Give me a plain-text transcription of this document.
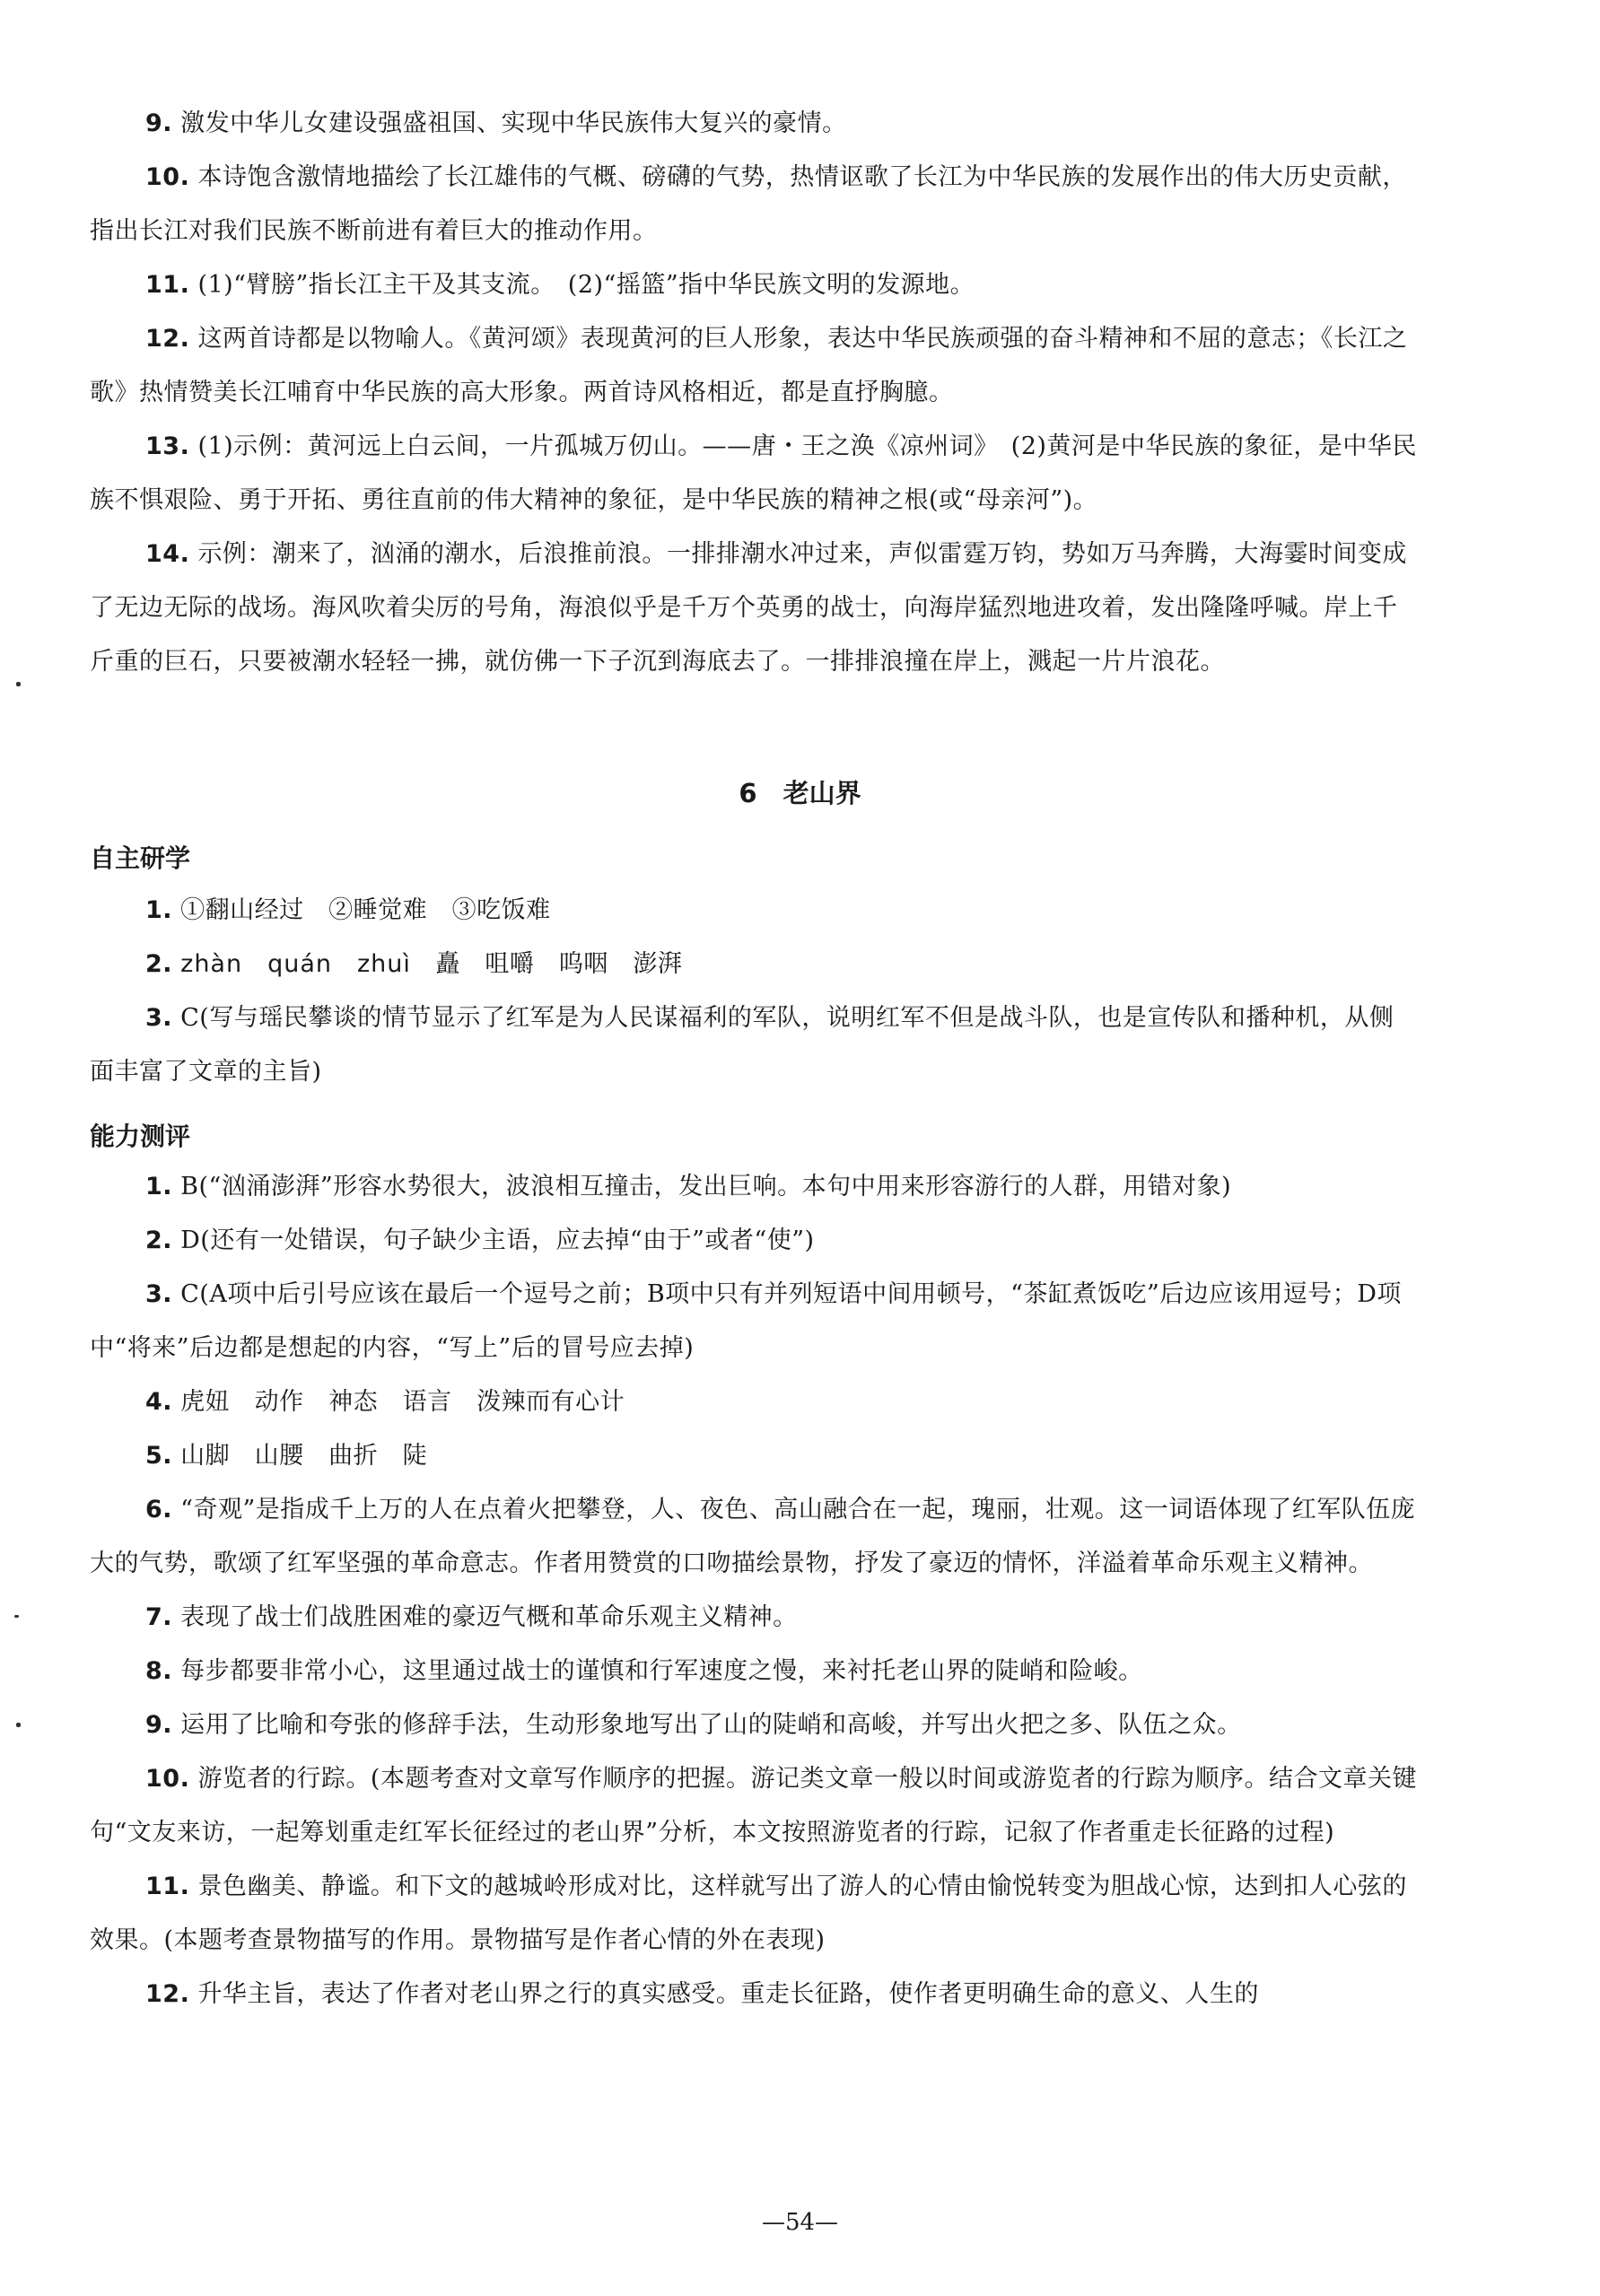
9. 激发中华儿女建设强盛祖国、实现中华民族伟大复兴的豪情。

10. 本诗饱含激情地描绘了长江雄伟的气概、磅礴的气势，热情讴歌了长江为中华民族的发展作出的伟大历史贡献，指出长江对我们民族不断前进有着巨大的推动作用。

11. (1)“臂膀”指长江主干及其支流。　(2)“摇篮”指中华民族文明的发源地。

12. 这两首诗都是以物喻人。《黄河颂》表现黄河的巨人形象，表达中华民族顽强的奋斗精神和不屈的意志；《长江之歌》热情赞美长江哺育中华民族的高大形象。两首诗风格相近，都是直抒胸臆。

13. (1)示例：黄河远上白云间，一片孤城万仞山。——唐・王之涣《凉州词》　(2)黄河是中华民族的象征，是中华民族不惧艰险、勇于开拓、勇往直前的伟大精神的象征，是中华民族的精神之根(或“母亲河”)。

14. 示例：潮来了，汹涌的潮水，后浪推前浪。一排排潮水冲过来，声似雷霆万钧，势如万马奔腾，大海霎时间变成了无边无际的战场。海风吹着尖厉的号角，海浪似乎是千万个英勇的战士，向海岸猛烈地进攻着，发出隆隆呼喊。岸上千斤重的巨石，只要被潮水轻轻一拂，就仿佛一下子沉到海底去了。一排排浪撞在岸上，溅起一片片浪花。

6　老山界
自主研学

1. ①翻山经过　②睡觉难　③吃饭难

2. zhàn　quán　zhuì　矗　咀嚼　呜咽　澎湃

3. C(写与瑶民攀谈的情节显示了红军是为人民谋福利的军队，说明红军不但是战斗队，也是宣传队和播种机，从侧面丰富了文章的主旨)

能力测评

1. B(“汹涌澎湃”形容水势很大，波浪相互撞击，发出巨响。本句中用来形容游行的人群，用错对象)

2. D(还有一处错误，句子缺少主语，应去掉“由于”或者“使”)

3. C(A项中后引号应该在最后一个逗号之前；B项中只有并列短语中间用顿号，“茶缸煮饭吃”后边应该用逗号；D项中“将来”后边都是想起的内容，“写上”后的冒号应去掉)

4. 虎妞　动作　神态　语言　泼辣而有心计

5. 山脚　山腰　曲折　陡

6. “奇观”是指成千上万的人在点着火把攀登，人、夜色、高山融合在一起，瑰丽，壮观。这一词语体现了红军队伍庞大的气势，歌颂了红军坚强的革命意志。作者用赞赏的口吻描绘景物，抒发了豪迈的情怀，洋溢着革命乐观主义精神。

7. 表现了战士们战胜困难的豪迈气概和革命乐观主义精神。

8. 每步都要非常小心，这里通过战士的谨慎和行军速度之慢，来衬托老山界的陡峭和险峻。

9. 运用了比喻和夸张的修辞手法，生动形象地写出了山的陡峭和高峻，并写出火把之多、队伍之众。

10. 游览者的行踪。(本题考查对文章写作顺序的把握。游记类文章一般以时间或游览者的行踪为顺序。结合文章关键句“文友来访，一起筹划重走红军长征经过的老山界”分析，本文按照游览者的行踪，记叙了作者重走长征路的过程)

11. 景色幽美、静谧。和下文的越城岭形成对比，这样就写出了游人的心情由愉悦转变为胆战心惊，达到扣人心弦的效果。(本题考查景物描写的作用。景物描写是作者心情的外在表现)

12. 升华主旨，表达了作者对老山界之行的真实感受。重走长征路，使作者更明确生命的意义、人生的

—54—
